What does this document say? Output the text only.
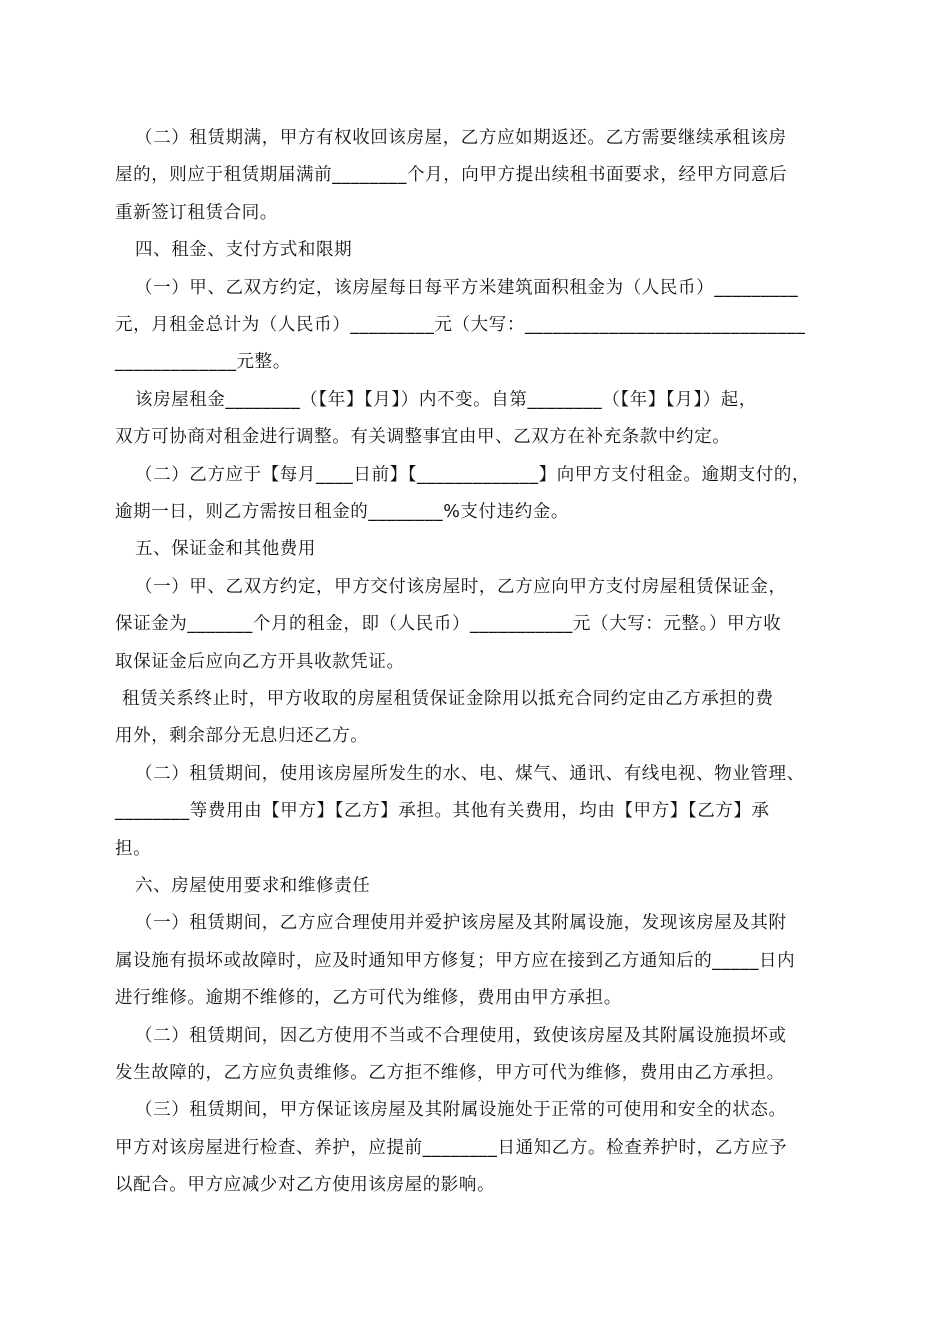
（二）租赁期满，甲方有权收回该房屋，乙方应如期返还。乙方需要继续承租该房
屋的，则应于租赁期届满前________个月，向甲方提出续租书面要求，经甲方同意后
重新签订租赁合同。
四、租金、支付方式和限期
（一）甲、乙双方约定，该房屋每日每平方米建筑面积租金为（人民币）_________
元，月租金总计为（人民币）_________元（大写：______________________________
_____________元整。
该房屋租金________（【年】【月】）内不变。自第________（【年】【月】）起，
双方可协商对租金进行调整。有关调整事宜由甲、乙双方在补充条款中约定。
（二）乙方应于【每月____日前】【_____________】向甲方支付租金。逾期支付的，
逾期一日，则乙方需按日租金的________%支付违约金。
五、保证金和其他费用
（一）甲、乙双方约定，甲方交付该房屋时，乙方应向甲方支付房屋租赁保证金，
保证金为_______个月的租金，即（人民币）___________元（大写：元整。）甲方收
取保证金后应向乙方开具收款凭证。
租赁关系终止时，甲方收取的房屋租赁保证金除用以抵充合同约定由乙方承担的费
用外，剩余部分无息归还乙方。
（二）租赁期间，使用该房屋所发生的水、电、煤气、通讯、有线电视、物业管理、
________等费用由【甲方】【乙方】承担。其他有关费用，均由【甲方】【乙方】承
担。
六、房屋使用要求和维修责任
（一）租赁期间，乙方应合理使用并爱护该房屋及其附属设施，发现该房屋及其附
属设施有损坏或故障时，应及时通知甲方修复；甲方应在接到乙方通知后的_____日内
进行维修。逾期不维修的，乙方可代为维修，费用由甲方承担。
（二）租赁期间，因乙方使用不当或不合理使用，致使该房屋及其附属设施损坏或
发生故障的，乙方应负责维修。乙方拒不维修，甲方可代为维修，费用由乙方承担。
（三）租赁期间，甲方保证该房屋及其附属设施处于正常的可使用和安全的状态。
甲方对该房屋进行检查、养护，应提前________日通知乙方。检查养护时，乙方应予
以配合。甲方应减少对乙方使用该房屋的影响。
